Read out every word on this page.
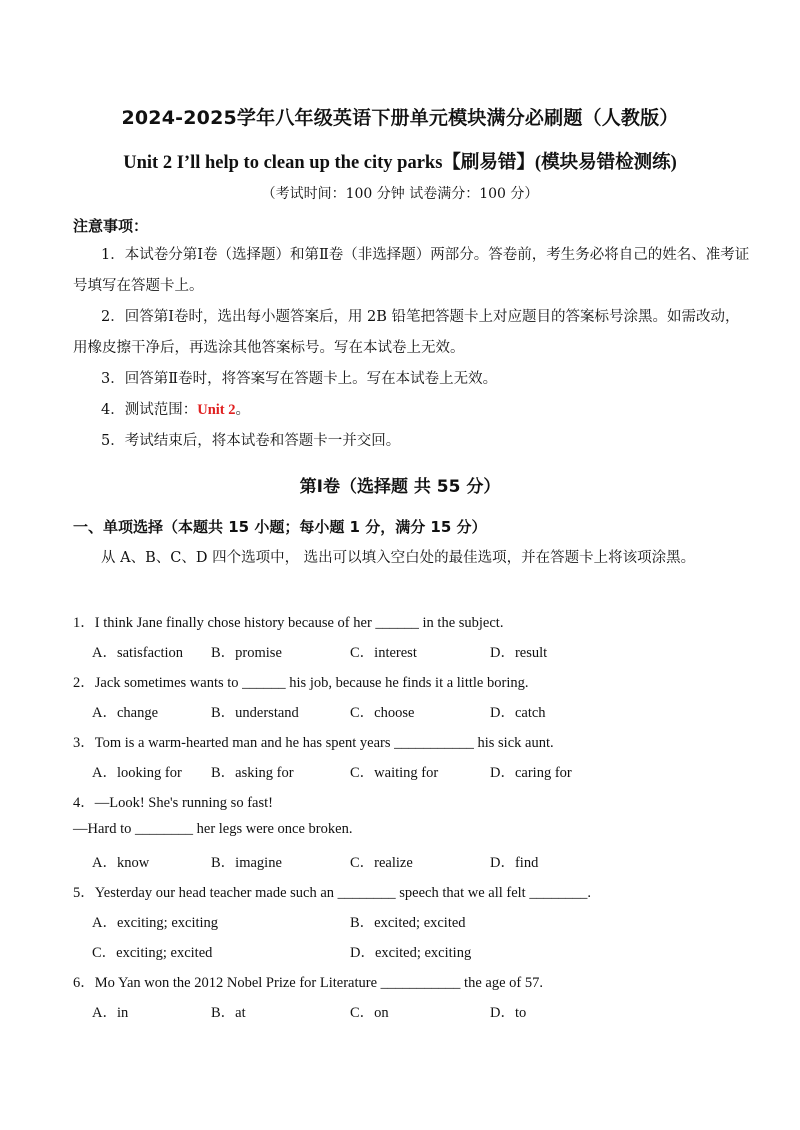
2024-2025学年八年级英语下册单元模块满分必刷题（人教版）
Unit 2 I’ll help to clean up the city parks【刷易错】(模块易错检测练)
（考试时间：100 分钟 试卷满分：100 分）
注意事项：
1．本试卷分第Ⅰ卷（选择题）和第Ⅱ卷（非选择题）两部分。答卷前，考生务必将自己的姓名、准考证号填写在答题卡上。
2．回答第Ⅰ卷时，选出每小题答案后，用 2B 铅笔把答题卡上对应题目的答案标号涂黑。如需改动，用橡皮擦干净后，再选涂其他答案标号。写在本试卷上无效。
3．回答第Ⅱ卷时，将答案写在答题卡上。写在本试卷上无效。
4．测试范围：Unit 2。
5．考试结束后，将本试卷和答题卡一并交回。
第Ⅰ卷（选择题 共 55 分）
一、单项选择（本题共 15 小题；每小题 1 分，满分 15 分）
从 A、B、C、D 四个选项中， 选出可以填入空白处的最佳选项，并在答题卡上将该项涂黑。
1．I think Jane finally chose history because of her ______ in the subject.
A．satisfaction B．promise	C．interest	D．result
2．Jack sometimes wants to ______ his job, because he finds it a little boring.
A．change	B．understand	C．choose	D．catch
3．Tom is a warm-hearted man and he has spent years ___________ his sick aunt.
A．looking for B．asking for	C．waiting for	D．caring for
4．—Look! She's running so fast!
—Hard to ________ her legs were once broken.
A．know	B．imagine	C．realize	D．find
5．Yesterday our head teacher made such an ________ speech that we all felt ________.
A．exciting; exciting	B．excited; excited
C．exciting; excited	D．excited; exciting
6．Mo Yan won the 2012 Nobel Prize for Literature ___________ the age of 57.
A．in	B．at	C．on	D．to
